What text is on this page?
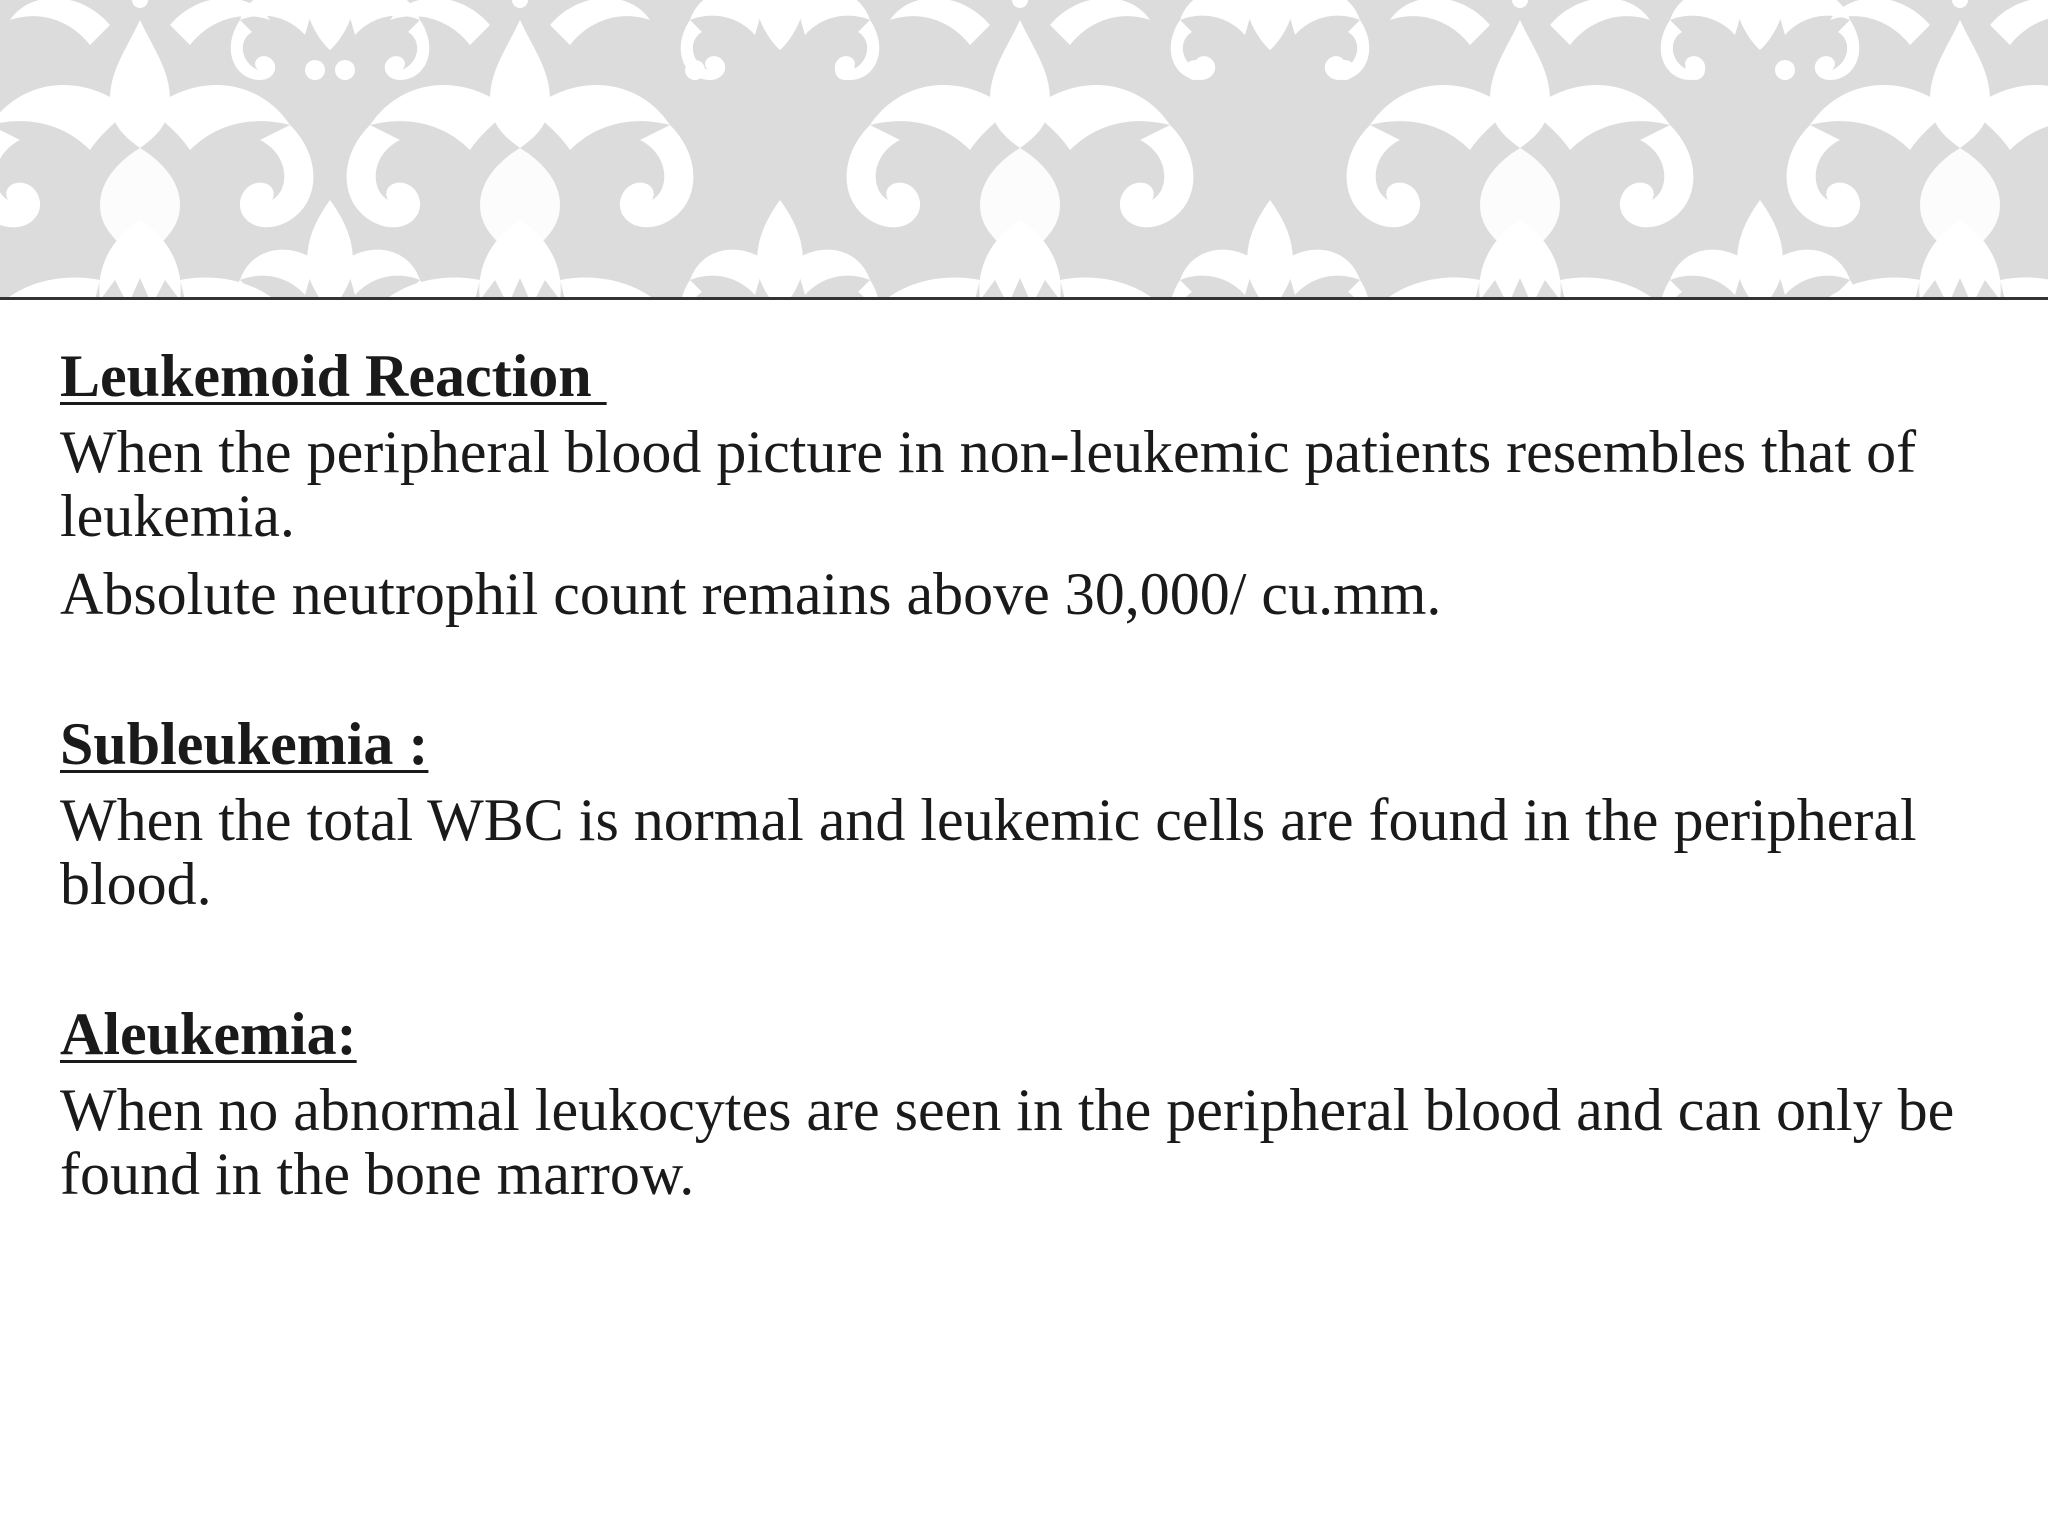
Leukemoid Reaction

When the peripheral blood picture in non-leukemic patients resembles that of leukemia.

Absolute neutrophil count remains above 30,000/ cu.mm.

Subleukemia :

When the total WBC is normal and leukemic cells are found in the peripheral blood.

Aleukemia:

When no abnormal leukocytes are seen in the peripheral blood and can only be found in the bone marrow.
